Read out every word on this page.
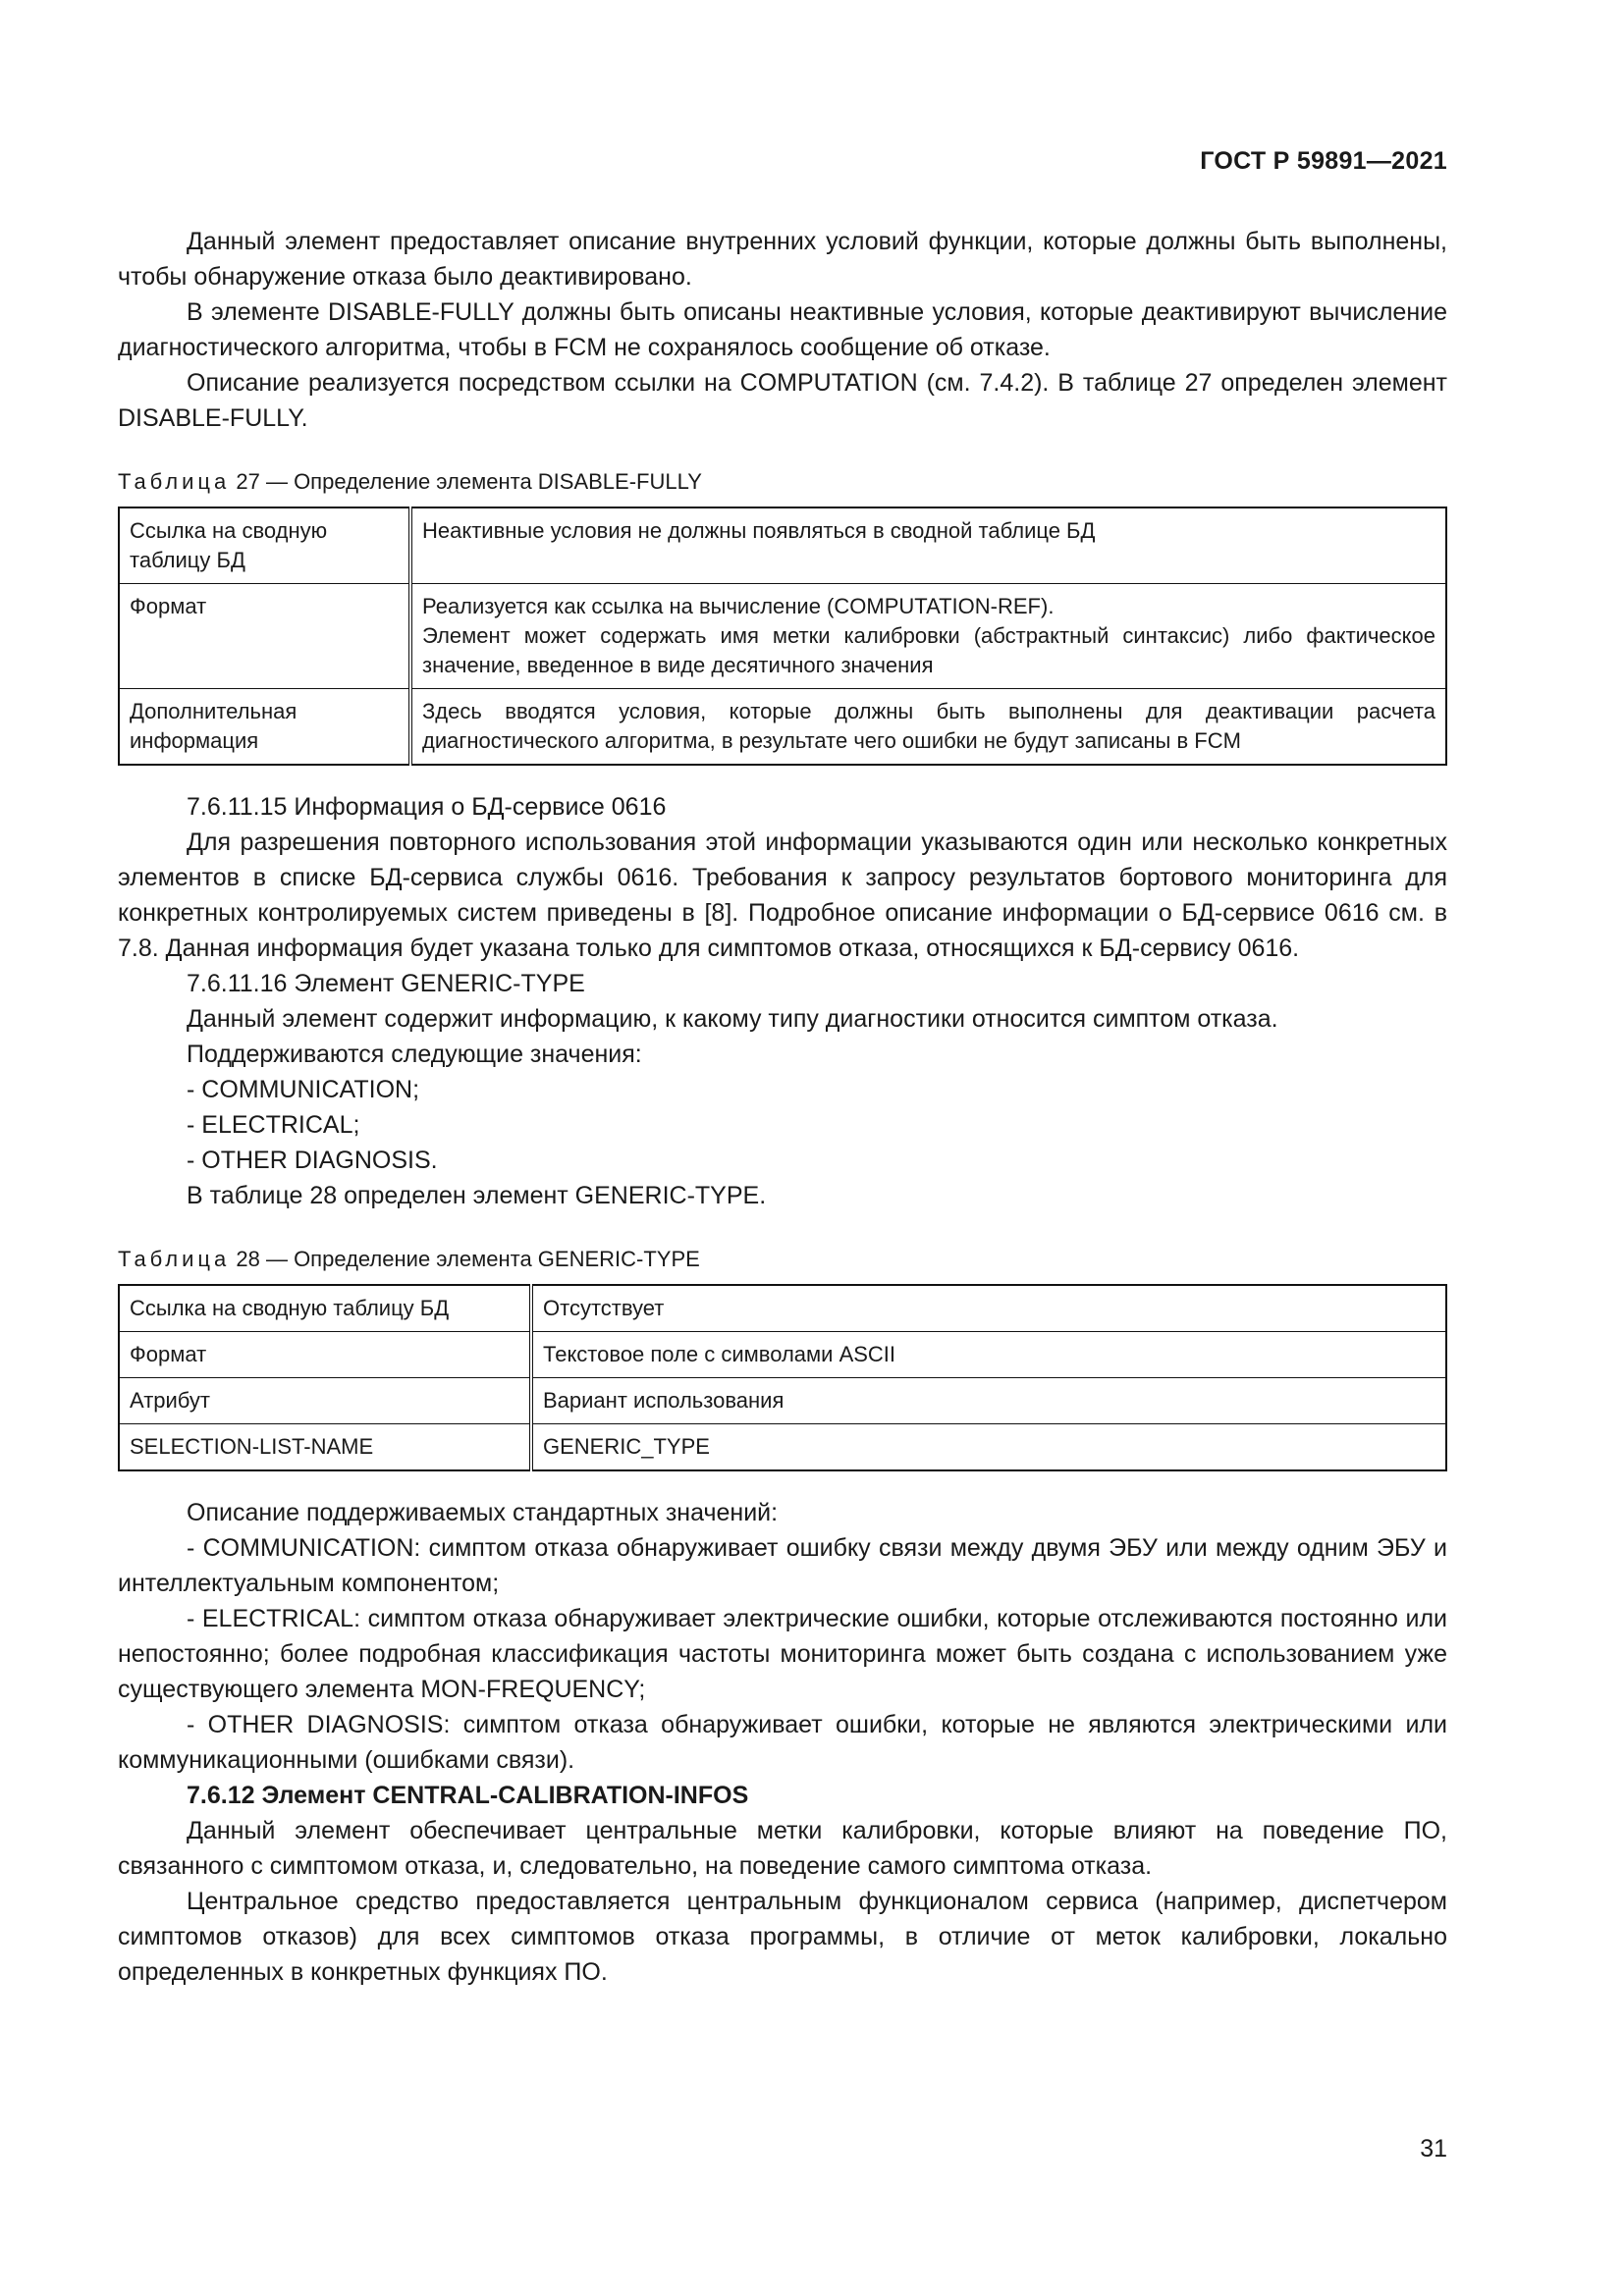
ГОСТ Р 59891—2021

Данный элемент предоставляет описание внутренних условий функции, которые должны быть выполнены, чтобы обнаружение отказа было деактивировано.

В элементе DISABLE-FULLY должны быть описаны неактивные условия, которые деактивируют вычисление диагностического алгоритма, чтобы в FCM не сохранялось сообщение об отказе.

Описание реализуется посредством ссылки на COMPUTATION (см. 7.4.2). В таблице 27 определен элемент DISABLE-FULLY.

Таблица 27 — Определение элемента DISABLE-FULLY

Ссылка на сводную таблицу БД	Неактивные условия не должны появляться в сводной таблице БД
Формат	Реализуется как ссылка на вычисление (COMPUTATION-REF).
Элемент может содержать имя метки калибровки (абстрактный синтаксис) либо фактическое значение, введенное в виде десятичного значения
Дополнительная информация	Здесь вводятся условия, которые должны быть выполнены для деактивации расчета диагностического алгоритма, в результате чего ошибки не будут записаны в FCM

7.6.11.15 Информация о БД-сервисе 0616

Для разрешения повторного использования этой информации указываются один или несколько конкретных элементов в списке БД-сервиса службы 0616. Требования к запросу результатов бортового мониторинга для конкретных контролируемых систем приведены в [8]. Подробное описание информации о БД-сервисе 0616 см. в 7.8. Данная информация будет указана только для симптомов отказа, относящихся к БД-сервису 0616.

7.6.11.16 Элемент GENERIC-TYPE

Данный элемент содержит информацию, к какому типу диагностики относится симптом отказа.

Поддерживаются следующие значения:

- COMMUNICATION;

- ELECTRICAL;

- OTHER DIAGNOSIS.

В таблице 28 определен элемент GENERIC-TYPE.

Таблица 28 — Определение элемента GENERIC-TYPE

Ссылка на сводную таблицу БД	Отсутствует
Формат	Текстовое поле с символами ASCII
Атрибут	Вариант использования
SELECTION-LIST-NAME	GENERIC_TYPE

Описание поддерживаемых стандартных значений:

- COMMUNICATION: симптом отказа обнаруживает ошибку связи между двумя ЭБУ или между одним ЭБУ и интеллектуальным компонентом;

- ELECTRICAL: симптом отказа обнаруживает электрические ошибки, которые отслеживаются постоянно или непостоянно; более подробная классификация частоты мониторинга может быть создана с использованием уже существующего элемента MON-FREQUENCY;

- OTHER DIAGNOSIS: симптом отказа обнаруживает ошибки, которые не являются электрическими или коммуникационными (ошибками связи).

7.6.12 Элемент CENTRAL-CALIBRATION-INFOS

Данный элемент обеспечивает центральные метки калибровки, которые влияют на поведение ПО, связанного с симптомом отказа, и, следовательно, на поведение самого симптома отказа.

Центральное средство предоставляется центральным функционалом сервиса (например, диспетчером симптомов отказов) для всех симптомов отказа программы, в отличие от меток калибровки, локально определенных в конкретных функциях ПО.

31
